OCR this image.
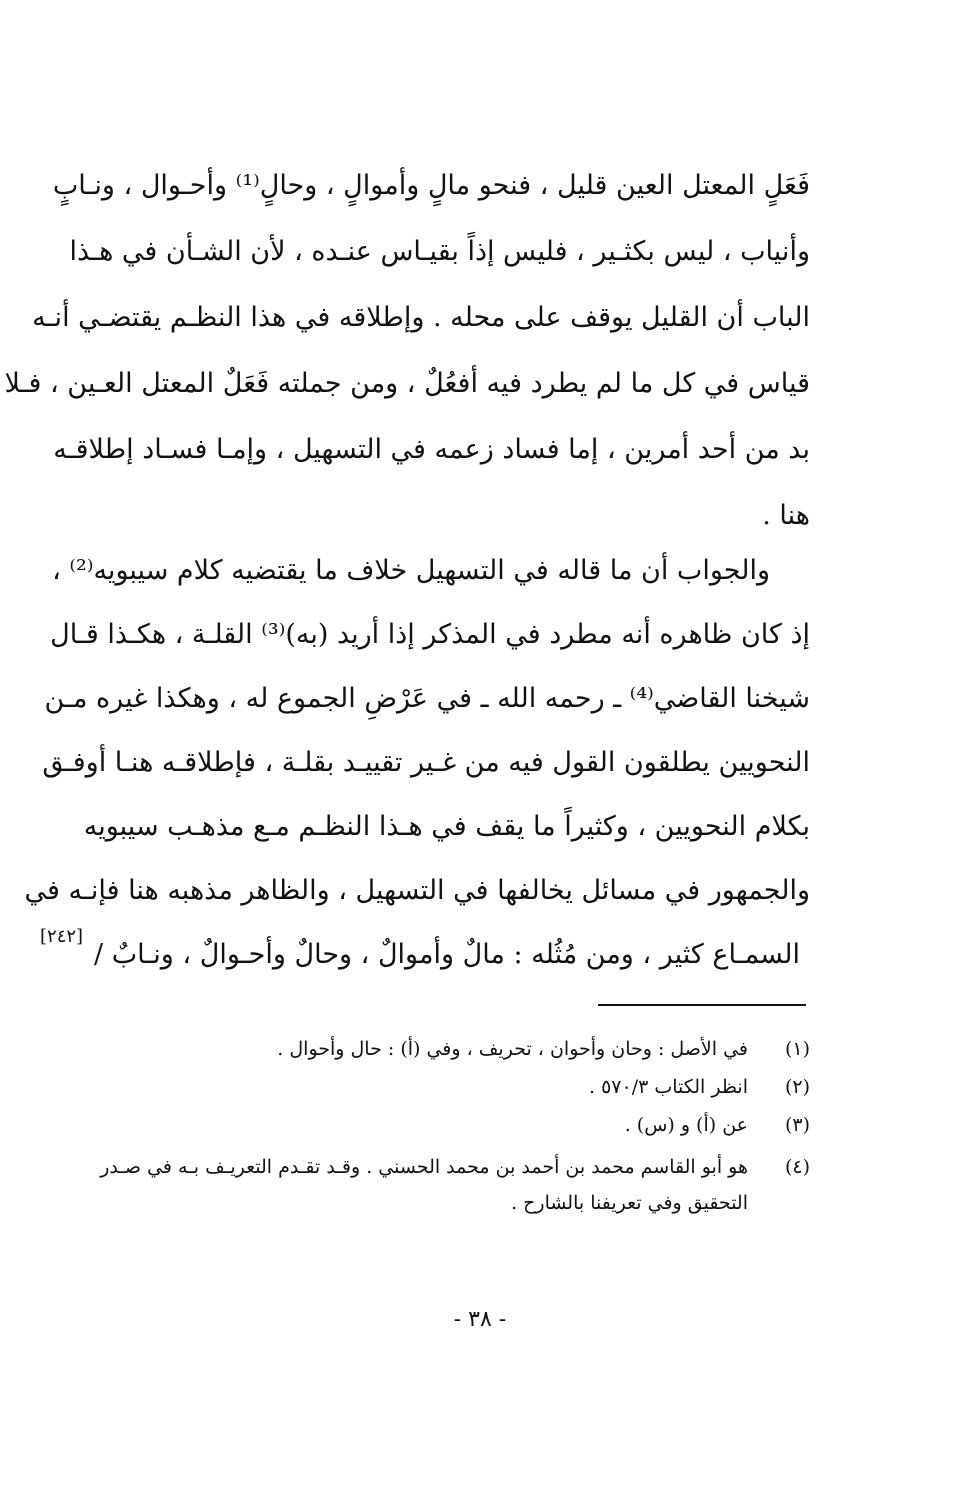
فَعَلٍ المعتل العين قليل ، فنحو مالٍ وأموالٍ ، وحالٍ⁽¹⁾ وأحـوال ، ونـابٍ
وأنياب ، ليس بكثـير ، فليس إذاً بقيـاس عنـده ، لأن الشـأن في هـذا
الباب أن القليل يوقف على محله . وإطلاقه في هذا النظـم يقتضـي أنـه
قياس في كل ما لم يطرد فيه أفعُلٌ ، ومن جملته فَعَلٌ المعتل العـين ، فـلا
بد من أحد أمرين ، إما فساد زعمه في التسهيل ، وإمـا فسـاد إطلاقـه
هنا .
والجواب أن ما قاله في التسهيل خلاف ما يقتضيه كلام سيبويه⁽²⁾ ،
إذ كان ظاهره أنه مطرد في المذكر إذا أريد (به)⁽³⁾ القلـة ، هكـذا قـال
شيخنا القاضي⁽⁴⁾ ـ رحمه الله ـ في عَرْضِ الجموع له ، وهكذا غيره مـن
النحويين يطلقون القول فيه من غـير تقييـد بقلـة ، فإطلاقـه هنـا أوفـق
بكلام النحويين ، وكثيراً ما يقف في هـذا النظـم مـع مذهـب سيبويه
والجمهور في مسائل يخالفها في التسهيل ، والظاهر مذهبه هنا فإنـه في
السمـاع كثير ، ومن مُثُله : مالٌ وأموالٌ ، وحالٌ وأحـوالٌ ، ونـابٌ /
[٢٤٢]
(١)
في الأصل : وحان وأحوان ، تحريف ، وفي (أ) : حال وأحوال .
(٢)
انظر الكتاب ٥٧٠/٣ .
(٣)
عن (أ) و (س) .
(٤)
هو أبو القاسم محمد بن أحمد بن محمد الحسني . وقـد تقـدم التعريـف بـه في صـدر
التحقيق وفي تعريفنا بالشارح .
- ٣٨ -
